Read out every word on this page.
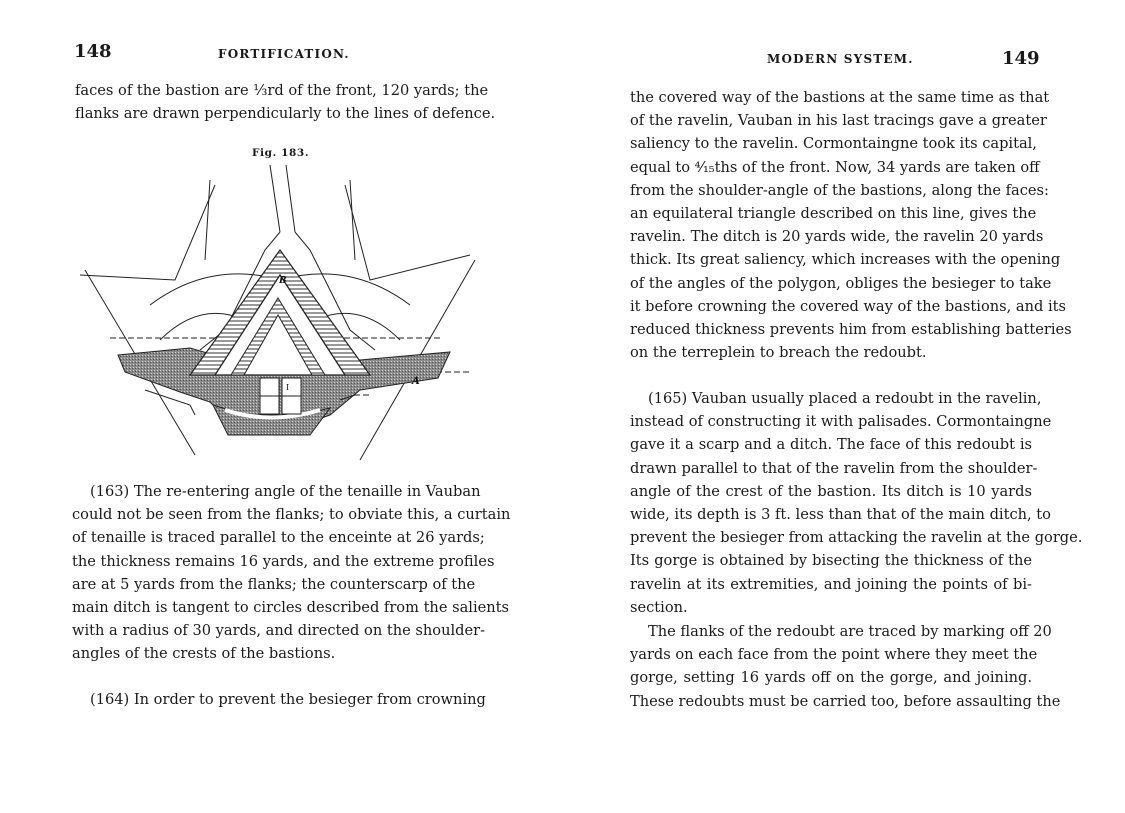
148	FORTIFICATION.
faces of the bastion are ⅓rd of the front, 120 yards; the
flanks are drawn perpendicularly to the lines of defence.
Fig. 183.
B
A
I
(163) The re-entering angle of the tenaille in Vauban
could not be seen from the flanks; to obviate this, a curtain
of tenaille is traced parallel to the enceinte at 26 yards;
the thickness remains 16 yards, and the extreme profiles
are at 5 yards from the flanks; the counterscarp of the
main ditch is tangent to circles described from the salients
with a radius of 30 yards, and directed on the shoulder-
angles of the crests of the bastions.
(164) In order to prevent the besieger from crowning
MODERN SYSTEM.	149
the covered way of the bastions at the same time as that
of the ravelin, Vauban in his last tracings gave a greater
saliency to the ravelin. Cormontaingne took its capital,
equal to ⁴⁄₁₅ths of the front. Now, 34 yards are taken off
from the shoulder-angle of the bastions, along the faces:
an equilateral triangle described on this line, gives the
ravelin. The ditch is 20 yards wide, the ravelin 20 yards
thick. Its great saliency, which increases with the opening
of the angles of the polygon, obliges the besieger to take
it before crowning the covered way of the bastions, and its
reduced thickness prevents him from establishing batteries
on the terreplein to breach the redoubt.
(165) Vauban usually placed a redoubt in the ravelin,
instead of constructing it with palisades. Cormontaingne
gave it a scarp and a ditch. The face of this redoubt is
drawn parallel to that of the ravelin from the shoulder-
angle of the crest of the bastion. Its ditch is 10 yards
wide, its depth is 3 ft. less than that of the main ditch, to
prevent the besieger from attacking the ravelin at the gorge.
Its gorge is obtained by bisecting the thickness of the
ravelin at its extremities, and joining the points of bi-
section.
The flanks of the redoubt are traced by marking off 20
yards on each face from the point where they meet the
gorge, setting 16 yards off on the gorge, and joining.
These redoubts must be carried too, before assaulting the
